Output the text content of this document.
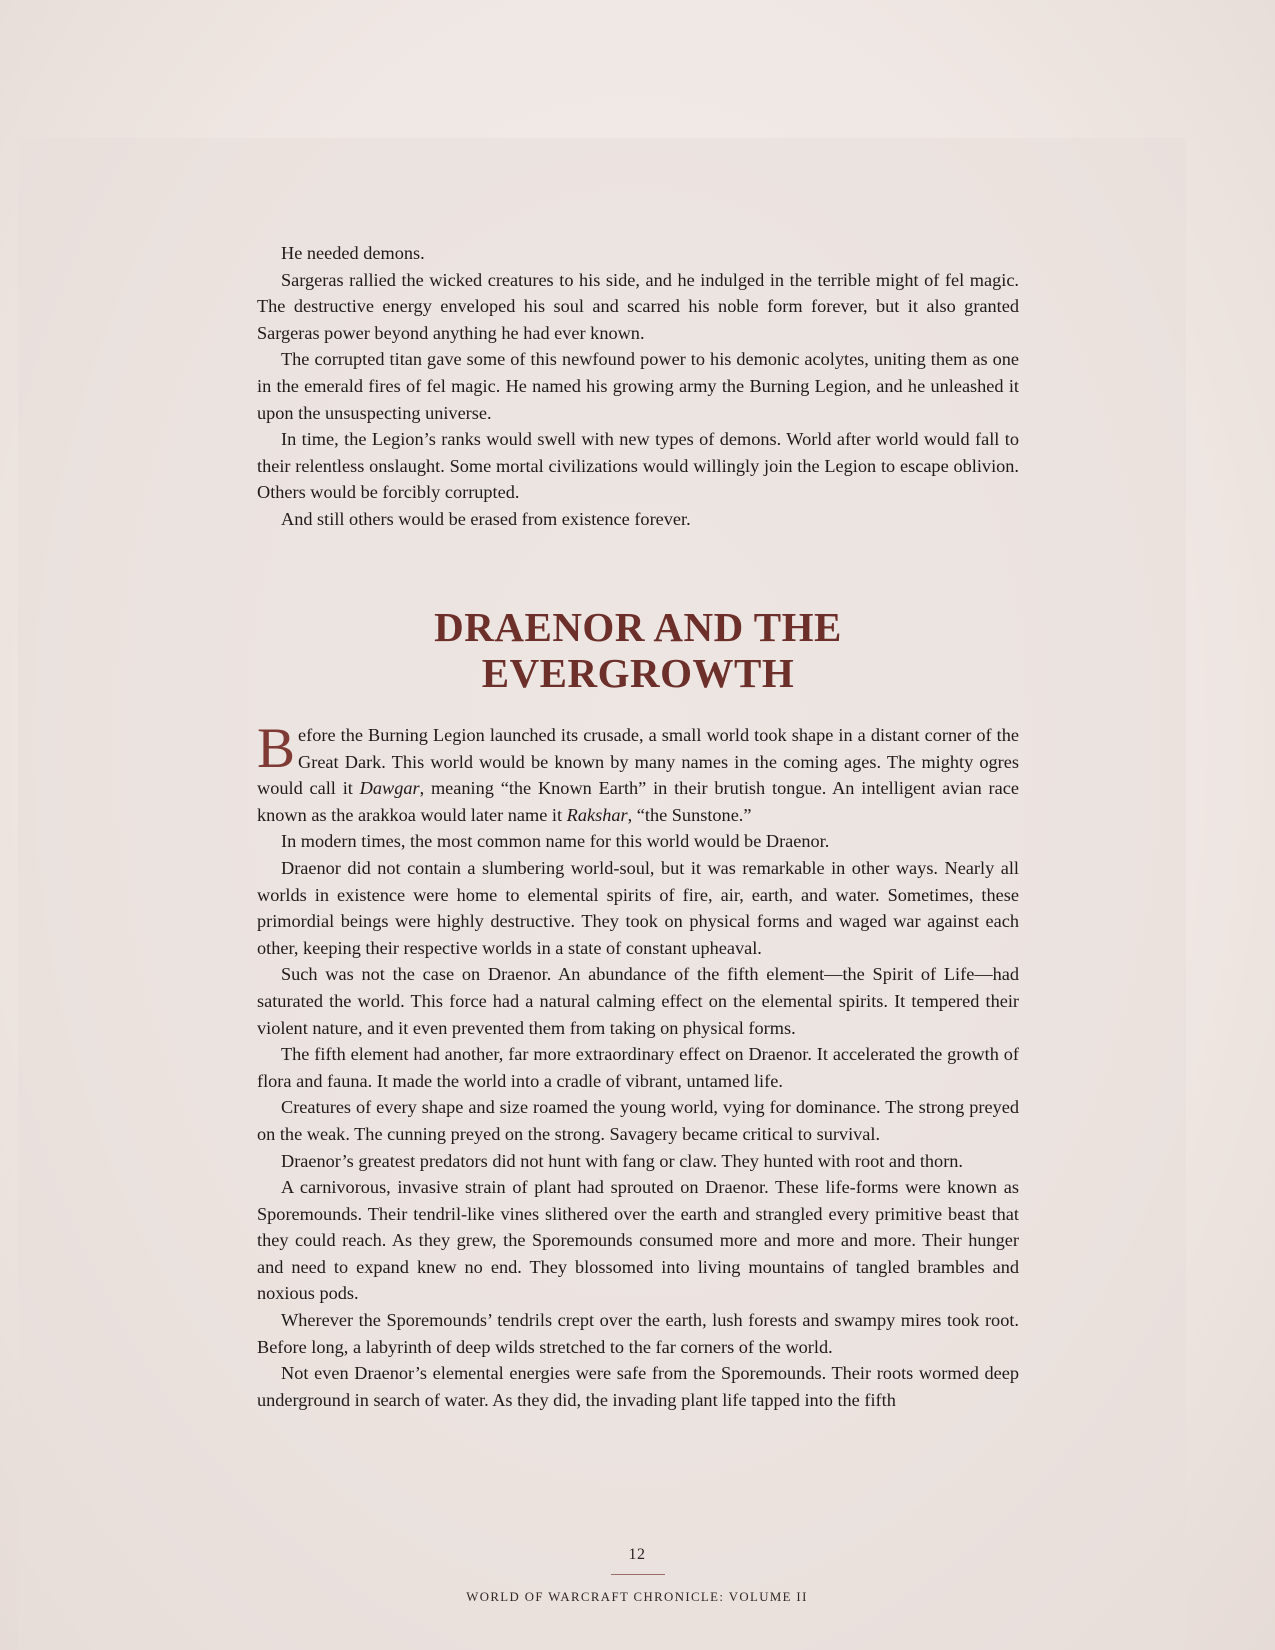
He needed demons.

Sargeras rallied the wicked creatures to his side, and he indulged in the terrible might of fel magic. The destructive energy enveloped his soul and scarred his noble form forever, but it also granted Sargeras power beyond anything he had ever known.

The corrupted titan gave some of this newfound power to his demonic acolytes, uniting them as one in the emerald fires of fel magic. He named his growing army the Burning Legion, and he unleashed it upon the unsuspecting universe.

In time, the Legion’s ranks would swell with new types of demons. World after world would fall to their relentless onslaught. Some mortal civilizations would willingly join the Legion to escape oblivion. Others would be forcibly corrupted.

And still others would be erased from existence forever.

DRAENOR AND THE
EVERGROWTH

Before the Burning Legion launched its crusade, a small world took shape in a distant corner of the Great Dark. This world would be known by many names in the coming ages. The mighty ogres would call it Dawgar, meaning “the Known Earth” in their brutish tongue. An intelligent avian race known as the arakkoa would later name it Rakshar, “the Sunstone.”

In modern times, the most common name for this world would be Draenor.

Draenor did not contain a slumbering world-soul, but it was remarkable in other ways. Nearly all worlds in existence were home to elemental spirits of fire, air, earth, and water. Sometimes, these primordial beings were highly destructive. They took on physical forms and waged war against each other, keeping their respective worlds in a state of constant upheaval.

Such was not the case on Draenor. An abundance of the fifth element—the Spirit of Life—had saturated the world. This force had a natural calming effect on the elemental spirits. It tempered their violent nature, and it even prevented them from taking on physical forms.

The fifth element had another, far more extraordinary effect on Draenor. It accelerated the growth of flora and fauna. It made the world into a cradle of vibrant, untamed life.

Creatures of every shape and size roamed the young world, vying for dominance. The strong preyed on the weak. The cunning preyed on the strong. Savagery became critical to survival.

Draenor’s greatest predators did not hunt with fang or claw. They hunted with root and thorn.

A carnivorous, invasive strain of plant had sprouted on Draenor. These life-forms were known as Sporemounds. Their tendril-like vines slithered over the earth and strangled every primitive beast that they could reach. As they grew, the Sporemounds consumed more and more and more. Their hunger and need to expand knew no end. They blossomed into living mountains of tangled brambles and noxious pods.

Wherever the Sporemounds’ tendrils crept over the earth, lush forests and swampy mires took root. Before long, a labyrinth of deep wilds stretched to the far corners of the world.

Not even Draenor’s elemental energies were safe from the Sporemounds. Their roots wormed deep underground in search of water. As they did, the invading plant life tapped into the fifth

12
WORLD OF WARCRAFT CHRONICLE: VOLUME II
